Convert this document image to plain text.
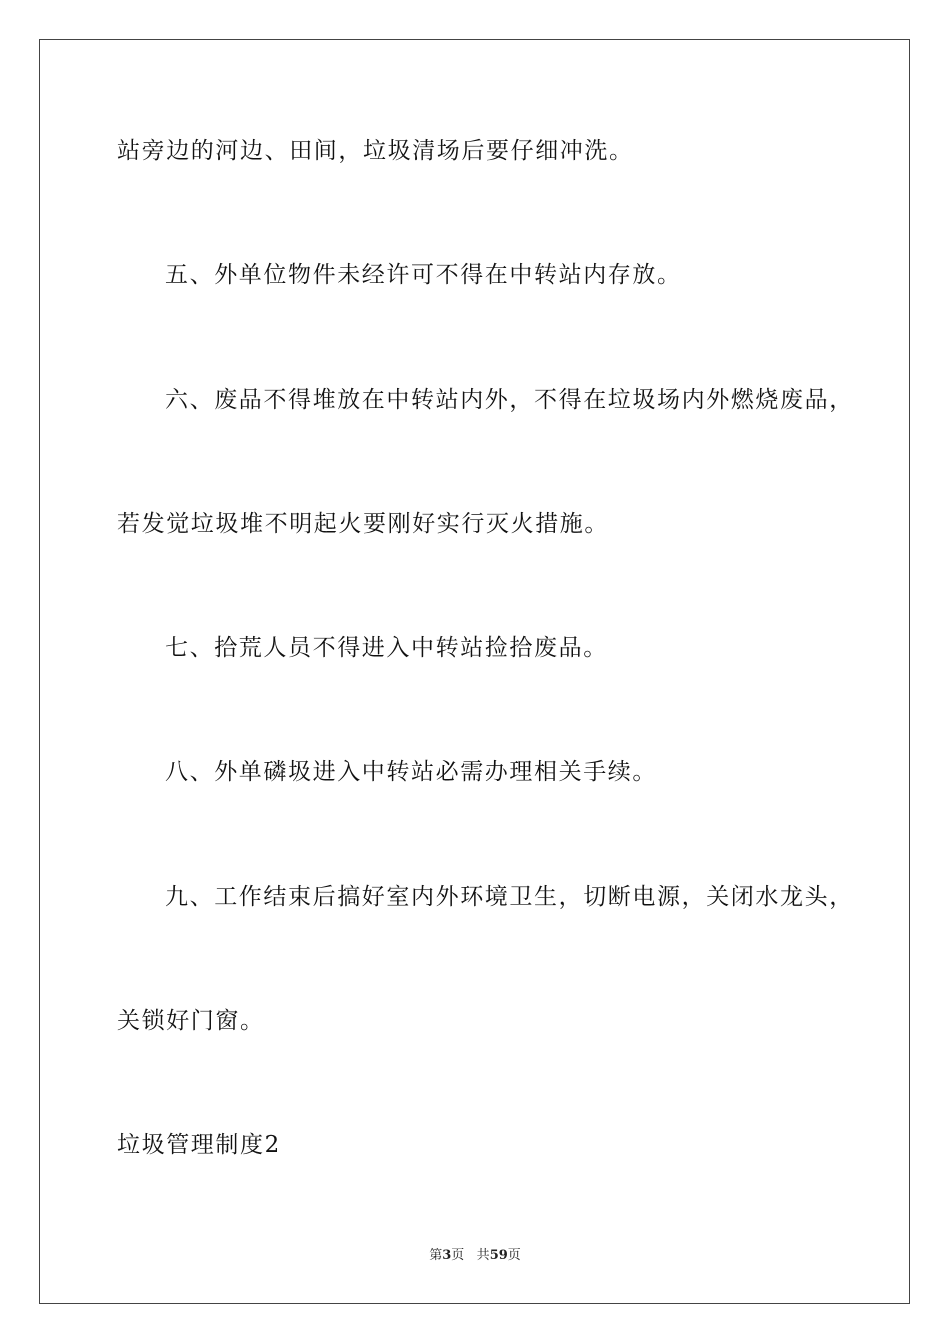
站旁边的河边、田间，垃圾清场后要仔细冲洗。

五、外单位物件未经许可不得在中转站内存放。

六、废品不得堆放在中转站内外，不得在垃圾场内外燃烧废品，

若发觉垃圾堆不明起火要刚好实行灭火措施。

七、拾荒人员不得进入中转站捡拾废品。

八、外单磷圾进入中转站必需办理相关手续。

九、工作结束后搞好室内外环境卫生，切断电源，关闭水龙头，

关锁好门窗。

垃圾管理制度2

第3页 共59页
